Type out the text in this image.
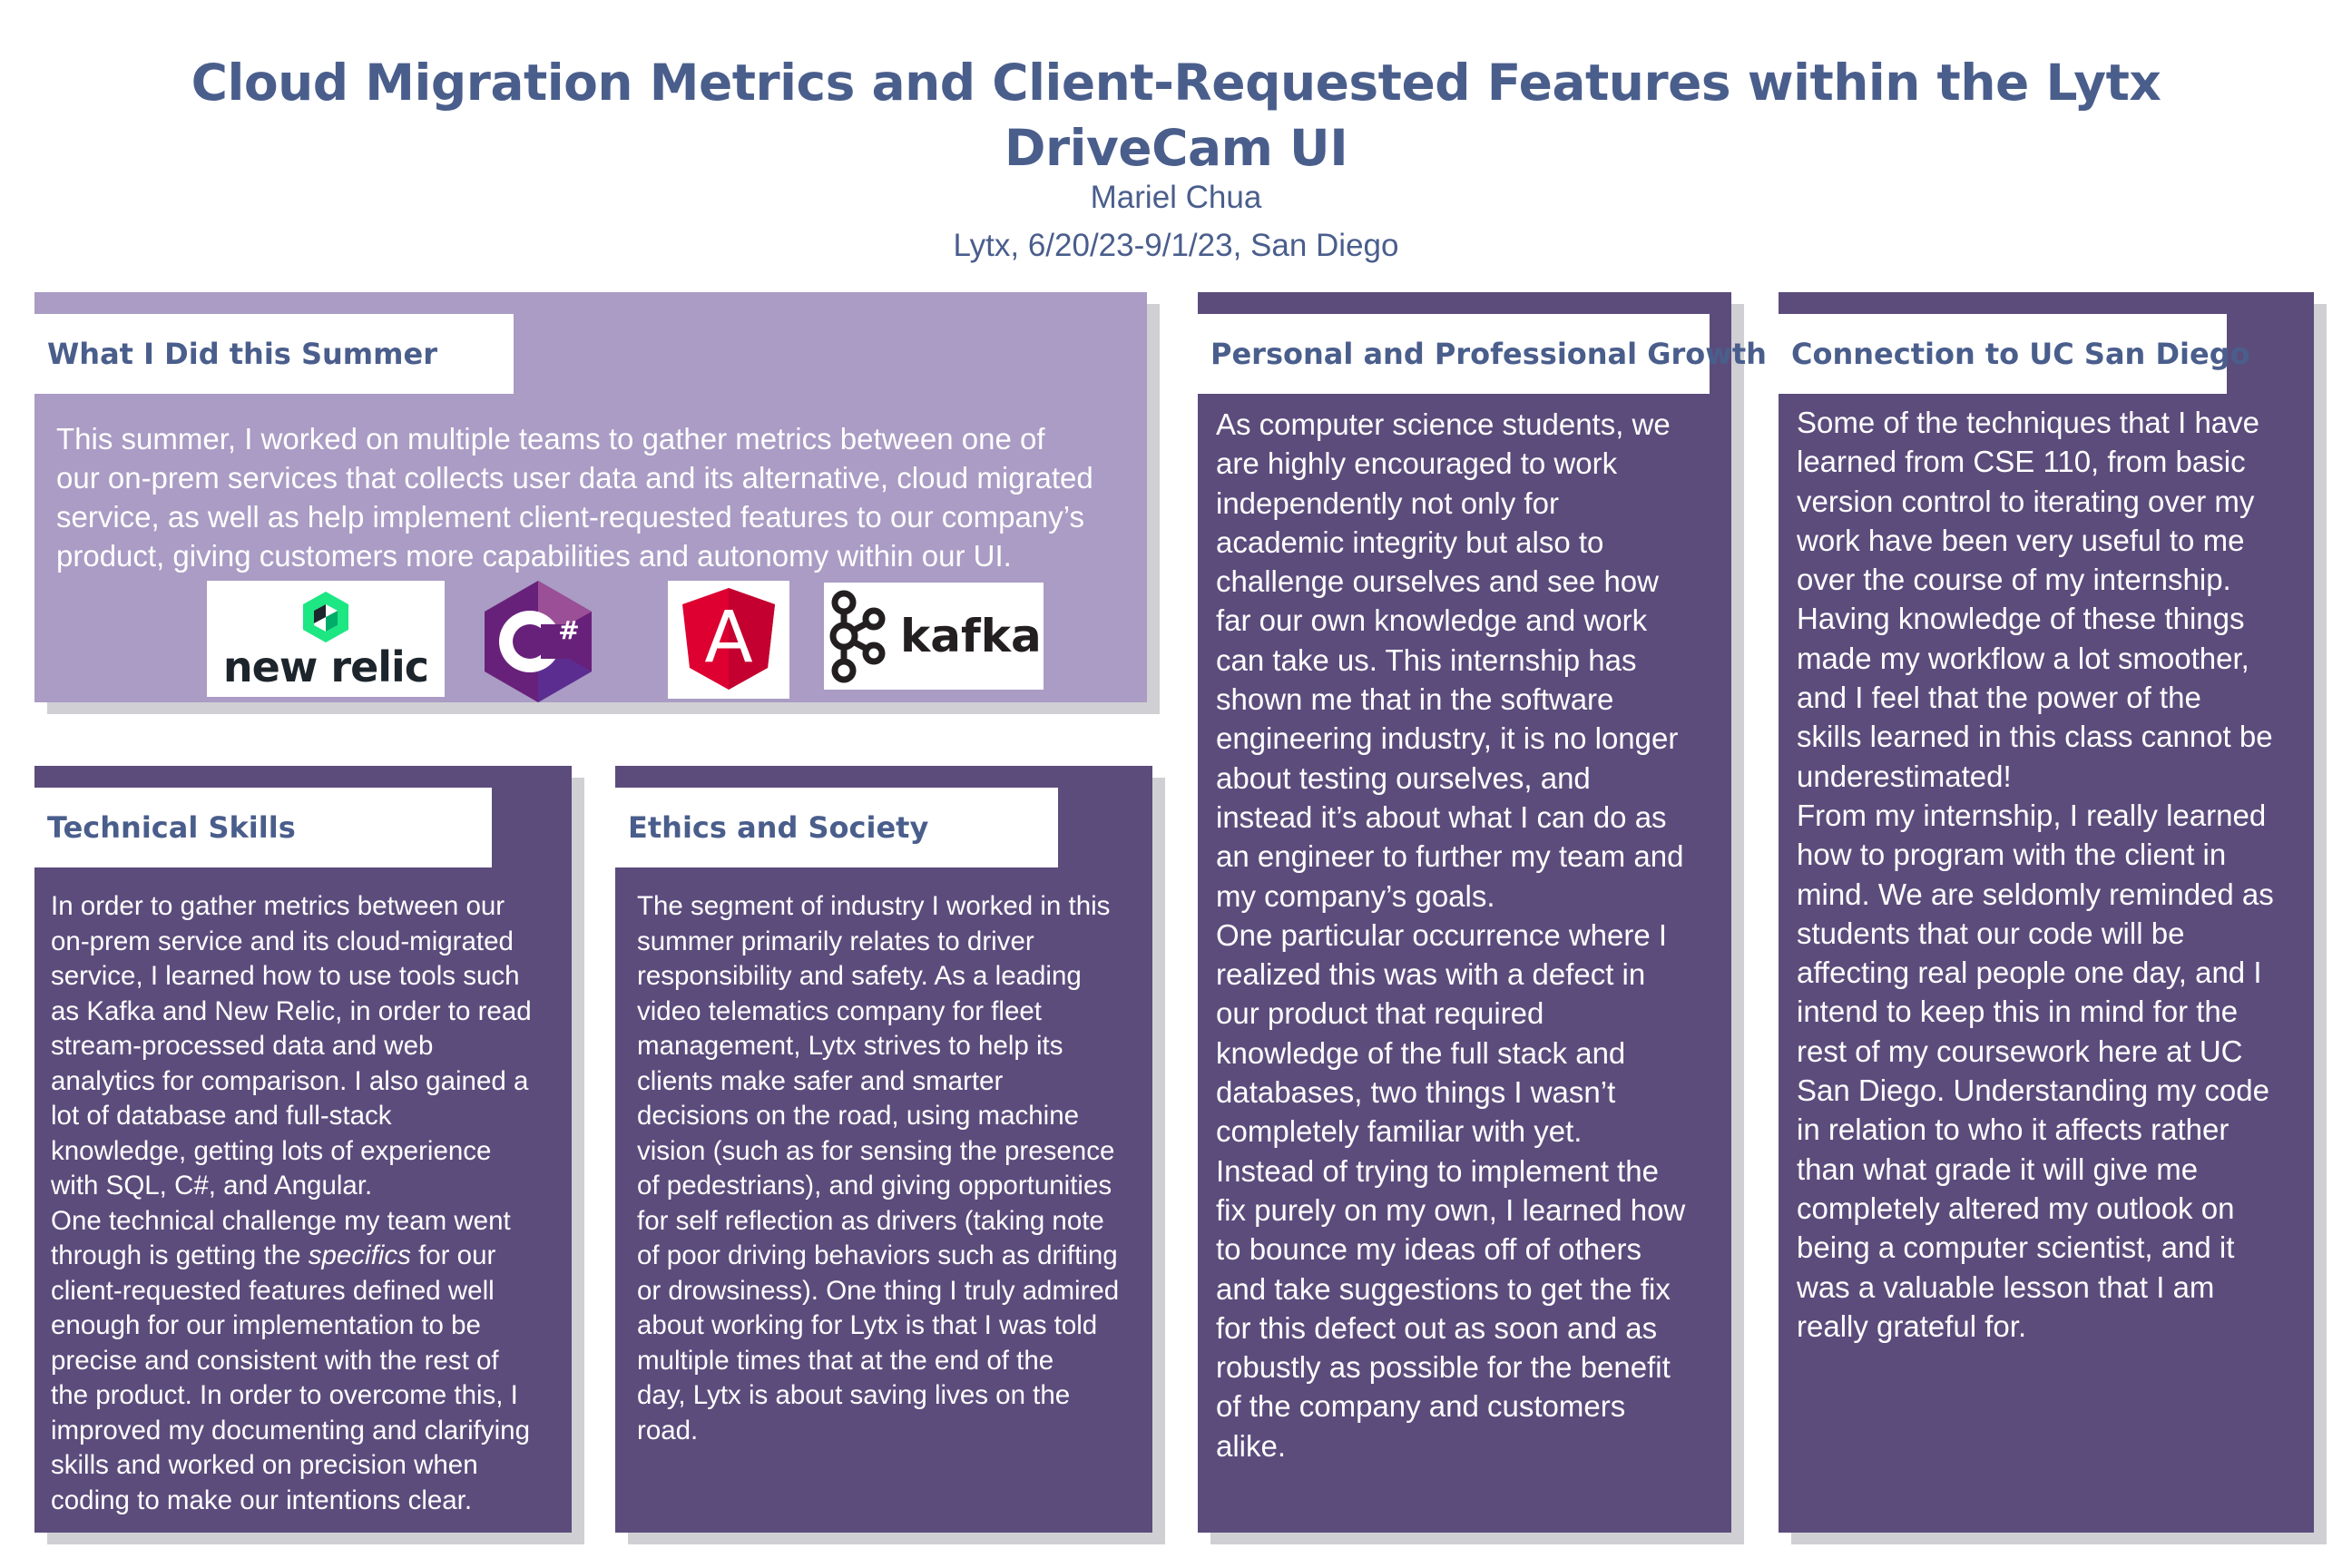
Cloud Migration Metrics and Client-Requested Features within the Lytx
DriveCam UI
Mariel Chua
Lytx, 6/20/23-9/1/23, San Diego
What I Did this Summer
This summer, I worked on multiple teams to gather metrics between one of
our on-prem services that collects user data and its alternative, cloud migrated
service, as well as help implement client-requested features to our company’s
product, giving customers more capabilities and autonomy within our UI.
new relic
#	A	kafka
Technical Skills
In order to gather metrics between our
on-prem service and its cloud-migrated
service, I learned how to use tools such
as Kafka and New Relic, in order to read
stream-processed data and web
analytics for comparison. I also gained a
lot of database and full-stack
knowledge, getting lots of experience
with SQL, C#, and Angular.
One technical challenge my team went
through is getting the specifics for our
client-requested features defined well
enough for our implementation to be
precise and consistent with the rest of
the product. In order to overcome this, I
improved my documenting and clarifying
skills and worked on precision when
coding to make our intentions clear.
Ethics and Society
The segment of industry I worked in this
summer primarily relates to driver
responsibility and safety. As a leading
video telematics company for fleet
management, Lytx strives to help its
clients make safer and smarter
decisions on the road, using machine
vision (such as for sensing the presence
of pedestrians), and giving opportunities
for self reflection as drivers (taking note
of poor driving behaviors such as drifting
or drowsiness). One thing I truly admired
about working for Lytx is that I was told
multiple times that at the end of the
day, Lytx is about saving lives on the
road.
Personal and Professional Growth
As computer science students, we
are highly encouraged to work
independently not only for
academic integrity but also to
challenge ourselves and see how
far our own knowledge and work
can take us. This internship has
shown me that in the software
engineering industry, it is no longer
about testing ourselves, and
instead it’s about what I can do as
an engineer to further my team and
my company’s goals.
One particular occurrence where I
realized this was with a defect in
our product that required
knowledge of the full stack and
databases, two things I wasn’t
completely familiar with yet.
Instead of trying to implement the
fix purely on my own, I learned how
to bounce my ideas off of others
and take suggestions to get the fix
for this defect out as soon and as
robustly as possible for the benefit
of the company and customers
alike.
Connection to UC San Diego
Some of the techniques that I have
learned from CSE 110, from basic
version control to iterating over my
work have been very useful to me
over the course of my internship.
Having knowledge of these things
made my workflow a lot smoother,
and I feel that the power of the
skills learned in this class cannot be
underestimated!
From my internship, I really learned
how to program with the client in
mind. We are seldomly reminded as
students that our code will be
affecting real people one day, and I
intend to keep this in mind for the
rest of my coursework here at UC
San Diego. Understanding my code
in relation to who it affects rather
than what grade it will give me
completely altered my outlook on
being a computer scientist, and it
was a valuable lesson that I am
really grateful for.
